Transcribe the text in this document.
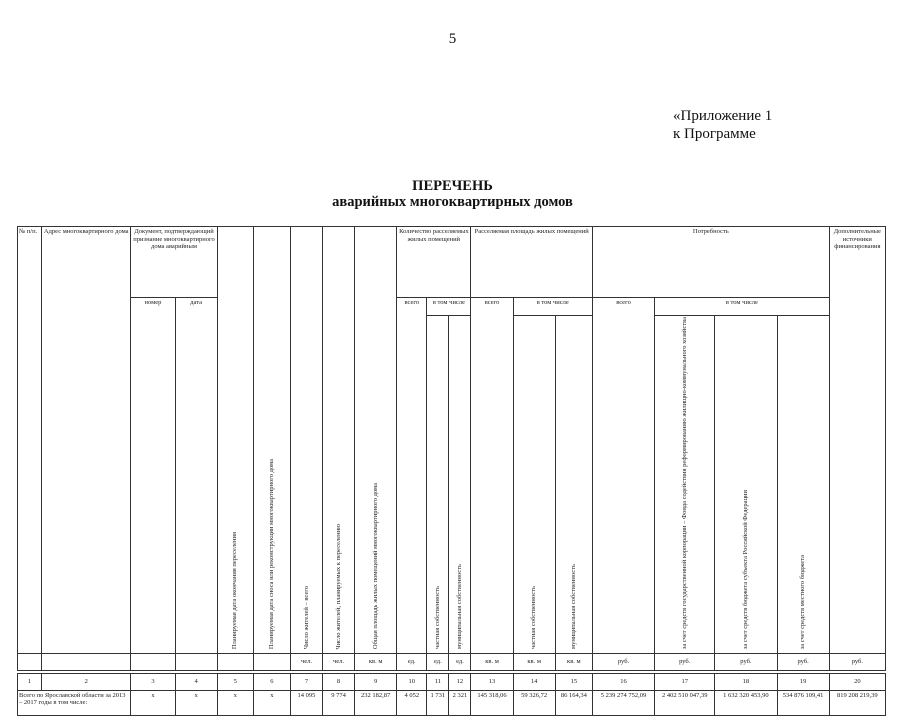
5
«Приложение 1
к Программе
ПЕРЕЧЕНЬ
аварийных многоквартирных домов
№ п/п.	Адрес многоквартирного дома	Документ, подтверждающий признание многоквартирного дома аварийным		Планируемая дата окончания переселения	Планируемая дата сноса или реконструкции многоквартирного дома	Число жителей – всего	Число жителей, планируемых к переселению	Общая площадь жилых помещений многоквартирного дома	Количество расселяемых жилых помещений			Расселяемая площадь жилых помещений			Потребность				Дополнительные источники финансирования
		номер	дата						всего	в том числе		всего	в том числе		всего	в том числе			
										частная собственность	муниципальная собственность		частная собственность	муниципальная собственность		за счет средств государственной корпорации – Фонда содействия реформированию жилищно-коммунального хозяйства	за счет средств бюджета субъекта Российской Федерации	за счет средств местного бюджета	
						чел.	чел.	кв. м	ед.	ед.	ед.	кв. м	кв. м	кв. м	руб.	руб.	руб.	руб.	руб.

1	2	3	4	5	6	7	8	9	10	11	12	13	14	15	16	17	18	19	20
Всего по Ярославской области за 2013 – 2017 годы в том числе:		х	х	х	х	14 095	9 774	232 182,87	4 052	1 731	2 321	145 318,06	59 326,72	86 164,34	5 239 274 752,09	2 402 510 047,39	1 632 320 453,90	534 876 109,41	819 208 219,39
